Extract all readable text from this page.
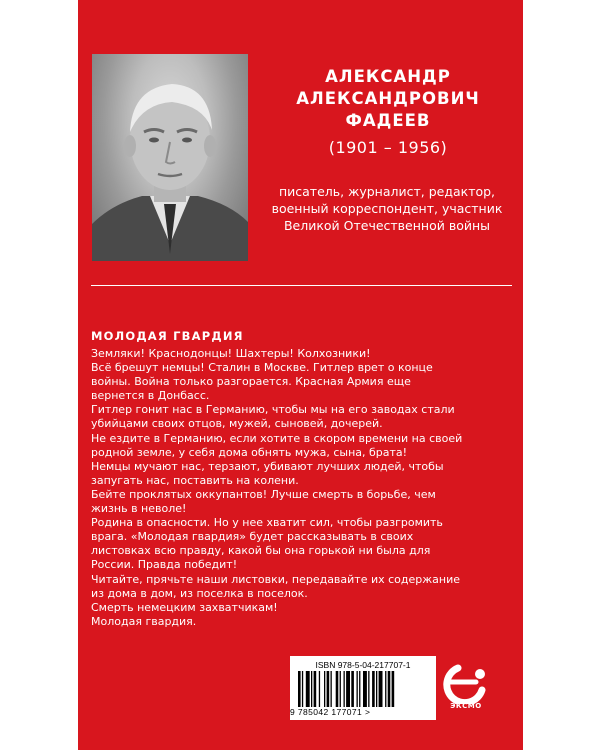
АЛЕКСАНДР
АЛЕКСАНДРОВИЧ
ФАДЕЕВ
(1901 – 1956)
писатель, журналист, редактор,
военный корреспондент, участник
Великой Отечественной войны
МОЛОДАЯ ГВАРДИЯ
Земляки! Краснодонцы! Шахтеры! Колхозники!
Всё брешут немцы! Сталин в Москве. Гитлер врет о конце
войны. Война только разгорается. Красная Армия еще
вернется в Донбасс.
Гитлер гонит нас в Германию, чтобы мы на его заводах стали
убийцами своих отцов, мужей, сыновей, дочерей.
Не ездите в Германию, если хотите в скором времени на своей
родной земле, у себя дома обнять мужа, сына, брата!
Немцы мучают нас, терзают, убивают лучших людей, чтобы
запугать нас, поставить на колени.
Бейте проклятых оккупантов! Лучше смерть в борьбе, чем
жизнь в неволе!
Родина в опасности. Но у нее хватит сил, чтобы разгромить
врага. «Молодая гвардия» будет рассказывать в своих
листовках всю правду, какой бы она горькой ни была для
России. Правда победит!
Читайте, прячьте наши листовки, передавайте их содержание
из дома в дом, из поселка в поселок.
Смерть немецким захватчикам!
Молодая гвардия.
ISBN 978-5-04-217707-1
9 785042 177071 >
ЭКСМО
